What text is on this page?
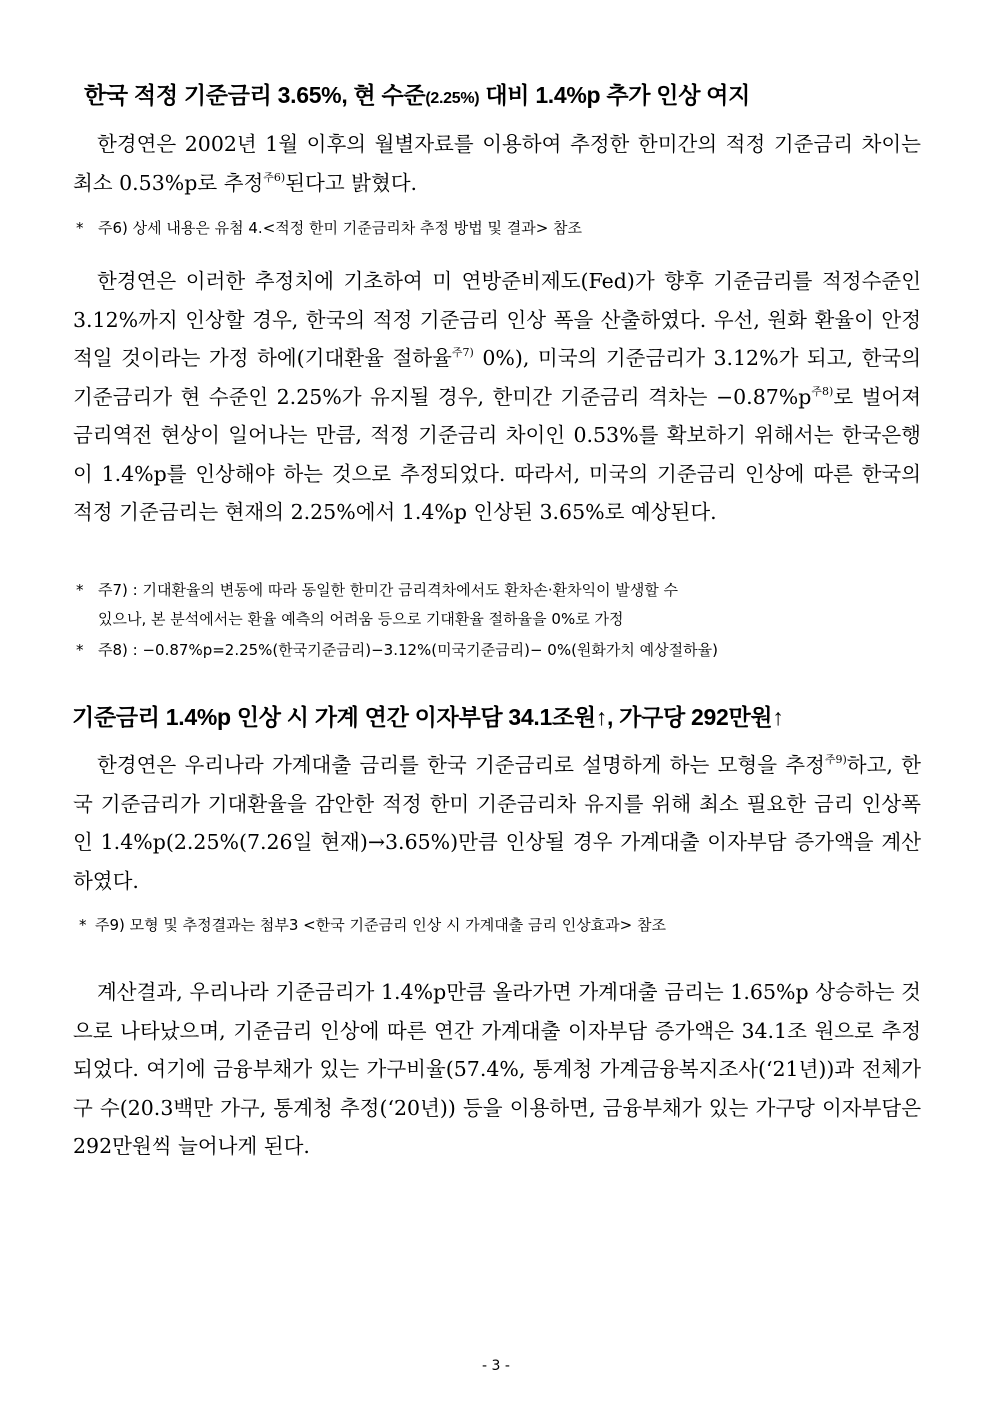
한국 적정 기준금리 3.65%, 현 수준(2.25%) 대비 1.4%p 추가 인상 여지

한경연은 2002년 1월 이후의 월별자료를 이용하여 추정한 한미간의 적정 기준금리 차이는 최소 0.53%p로 추정$^{주6)}$된다고 밝혔다.

* 주6) 상세 내용은 유첨 4.<적정 한미 기준금리차 추정 방법 및 결과> 참조

한경연은 이러한 추정치에 기초하여 미 연방준비제도(Fed)가 향후 기준금리를 적정수준인 3.12%까지 인상할 경우, 한국의 적정 기준금리 인상 폭을 산출하였다. 우선, 원화 환율이 안정적일 것이라는 가정 하에(기대환율 절하율$^{주7)}$ 0%), 미국의 기준금리가 3.12%가 되고, 한국의 기준금리가 현 수준인 2.25%가 유지될 경우, 한미간 기준금리 격차는 $-0.87\%p^{주8)}$로 벌어져 금리역전 현상이 일어나는 만큼, 적정 기준금리 차이인 0.53%를 확보하기 위해서는 한국은행이 1.4%p를 인상해야 하는 것으로 추정되었다. 따라서, 미국의 기준금리 인상에 따른 한국의 적정 기준금리는 현재의 2.25%에서 1.4%p 인상된 3.65%로 예상된다.

* 주7) : 기대환율의 변동에 따라 동일한 한미간 금리격차에서도 환차손·환차익이 발생할 수
있으나, 본 분석에서는 환율 예측의 어려움 등으로 기대환율 절하율을 0%로 가정
* 주8) : −0.87%p=2.25%(한국기준금리)−3.12%(미국기준금리)− 0%(원화가치 예상절하율)
기준금리 1.4%p 인상 시 가계 연간 이자부담 34.1조원↑, 가구당 292만원↑

한경연은 우리나라 가계대출 금리를 한국 기준금리로 설명하게 하는 모형을 추정$^{주9)}$하고, 한국 기준금리가 기대환율을 감안한 적정 한미 기준금리차 유지를 위해 최소 필요한 금리 인상폭인 1.4%p(2.25%(7.26일 현재)→3.65%)만큼 인상될 경우 가계대출 이자부담 증가액을 계산하였다.

* 주9) 모형 및 추정결과는 첨부3 <한국 기준금리 인상 시 가계대출 금리 인상효과> 참조

계산결과, 우리나라 기준금리가 1.4%p만큼 올라가면 가계대출 금리는 1.65%p 상승하는 것으로 나타났으며, 기준금리 인상에 따른 연간 가계대출 이자부담 증가액은 34.1조 원으로 추정되었다. 여기에 금융부채가 있는 가구비율(57.4%, 통계청 가계금융복지조사(‘21년))과 전체가구 수(20.3백만 가구, 통계청 추정(‘20년)) 등을 이용하면, 금융부채가 있는 가구당 이자부담은 292만원씩 늘어나게 된다.

- 3 -
